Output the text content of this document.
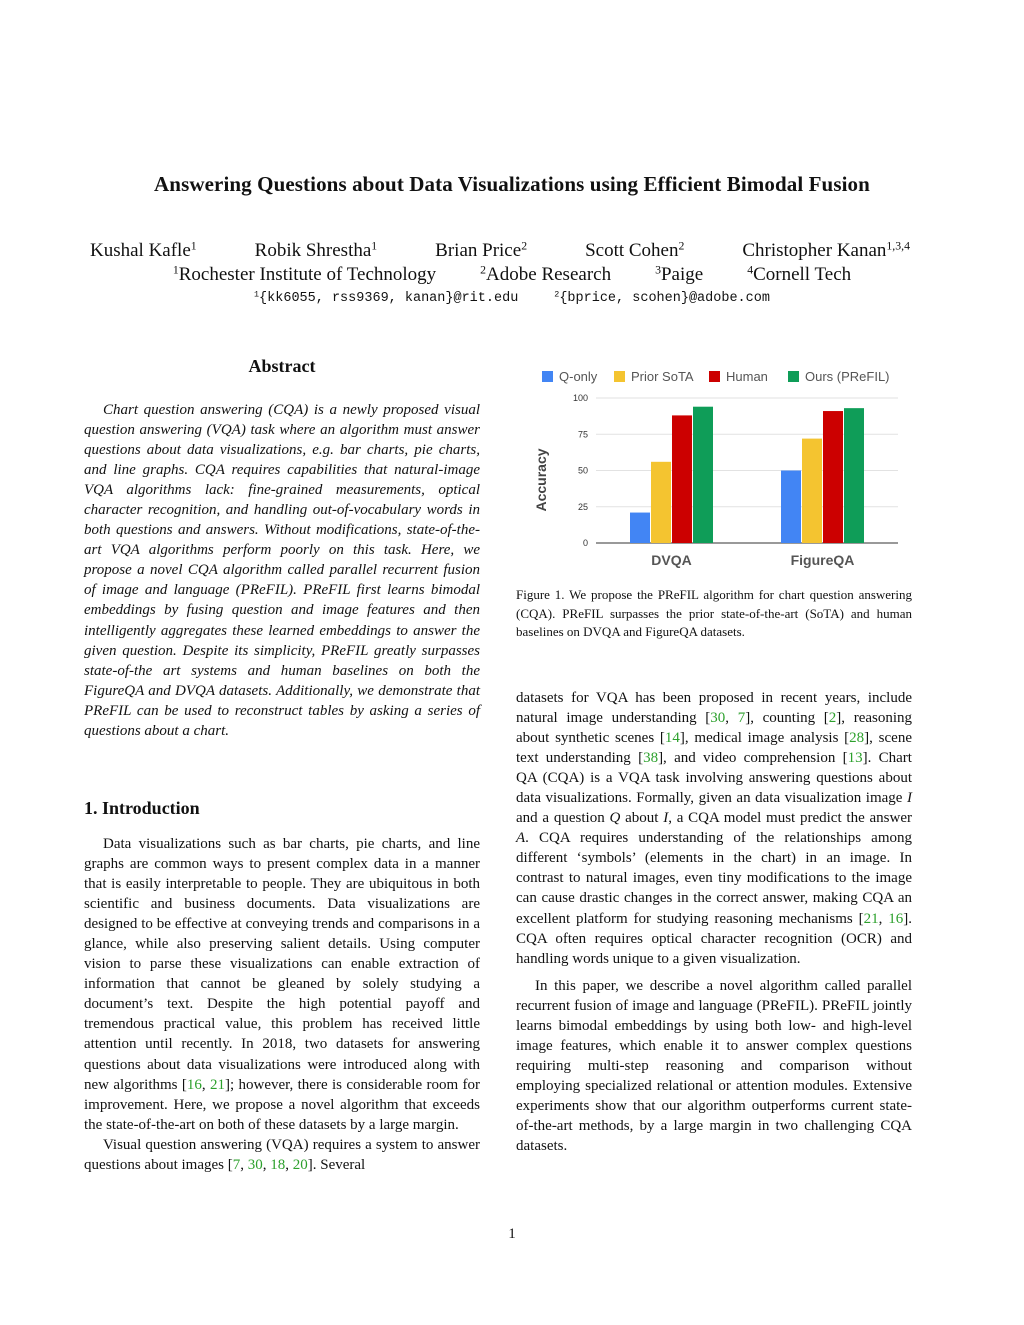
Answering Questions about Data Visualizations using Efficient Bimodal Fusion
Kushal Kafle$^1$	Robik Shrestha$^1$	Brian Price$^2$	Scott Cohen$^2$	Christopher Kanan$^{1,3,4}$
$^1$Rochester Institute of Technology	$^2$Adobe Research	$^3$Paige	$^4$Cornell Tech
$^1${kk6055, rss9369, kanan}@rit.edu	$^2${bprice, scohen}@adobe.com
Abstract

Chart question answering (CQA) is a newly proposed visual question answering (VQA) task where an algorithm must answer questions about data visualizations, e.g. bar charts, pie charts, and line graphs. CQA requires capabilities that natural-image VQA algorithms lack: fine-grained measurements, optical character recognition, and handling out-of-vocabulary words in both questions and answers. Without modifications, state-of-the-art VQA algorithms perform poorly on this task. Here, we propose a novel CQA algorithm called parallel recurrent fusion of image and language (PReFIL). PReFIL first learns bimodal embeddings by fusing question and image features and then intelligently aggregates these learned embeddings to answer the given question. Despite its simplicity, PReFIL greatly surpasses state-of-the art systems and human baselines on both the FigureQA and DVQA datasets. Additionally, we demonstrate that PReFIL can be used to reconstruct tables by asking a series of questions about a chart.

1. Introduction

Data visualizations such as bar charts, pie charts, and line graphs are common ways to present complex data in a manner that is easily interpretable to people. They are ubiquitous in both scientific and business documents. Data visualizations are designed to be effective at conveying trends and comparisons in a glance, while also preserving salient details. Using computer vision to parse these visualizations can enable extraction of information that cannot be gleaned by solely studying a document’s text. Despite the high potential payoff and tremendous practical value, this problem has received little attention until recently. In 2018, two datasets for answering questions about data visualizations were introduced along with new algorithms [16, 21]; however, there is considerable room for improvement. Here, we propose a novel algorithm that exceeds the state-of-the-art on both of these datasets by a large margin.

Visual question answering (VQA) requires a system to answer questions about images [7, 30, 18, 20]. Several

Q-only	Prior SoTA Human	Ours (PReFIL)
0
25
50
75
100
DVQA	FigureQA
Accuracy
Figure 1. We propose the PReFIL algorithm for chart question answering (CQA). PReFIL surpasses the prior state-of-the-art (SoTA) and human baselines on DVQA and FigureQA datasets.

datasets for VQA has been proposed in recent years, include natural image understanding [30, 7], counting [2], reasoning about synthetic scenes [14], medical image analysis [28], scene text understanding [38], and video comprehension [13]. Chart QA (CQA) is a VQA task involving answering questions about data visualizations. Formally, given an data visualization image I and a question Q about I, a CQA model must predict the answer A. CQA requires understanding of the relationships among different ‘symbols’ (elements in the chart) in an image. In contrast to natural images, even tiny modifications to the image can cause drastic changes in the correct answer, making CQA an excellent platform for studying reasoning mechanisms [21, 16]. CQA often requires optical character recognition (OCR) and handling words unique to a given visualization.

In this paper, we describe a novel algorithm called parallel recurrent fusion of image and language (PReFIL). PReFIL jointly learns bimodal embeddings by using both low- and high-level image features, which enable it to answer complex questions requiring multi-step reasoning and comparison without employing specialized relational or attention modules. Extensive experiments show that our algorithm outperforms current state-of-the-art methods, by a large margin in two challenging CQA datasets.

1
